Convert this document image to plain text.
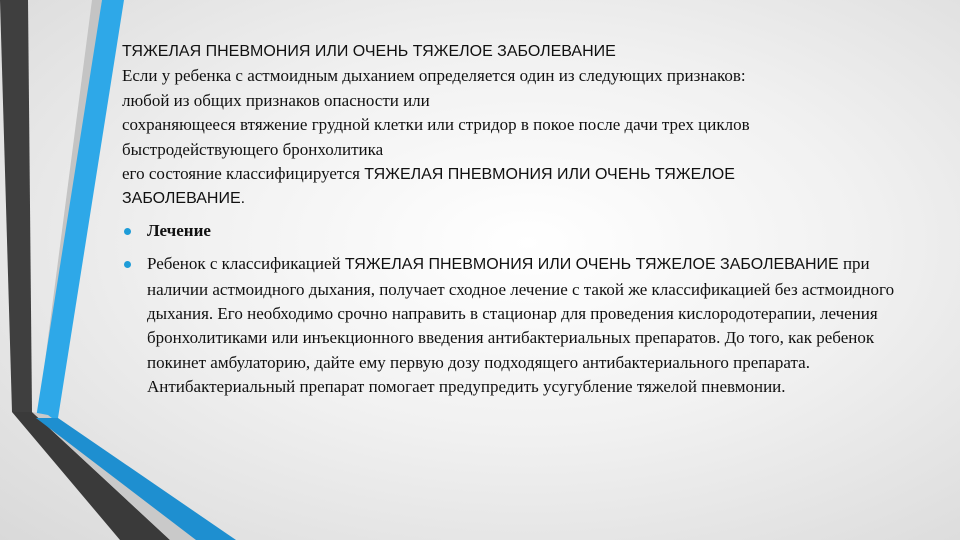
ТЯЖЕЛАЯ ПНЕВМОНИЯ ИЛИ ОЧЕНЬ ТЯЖЕЛОЕ ЗАБОЛЕВАНИЕ
Если у ребенка с астмоидным дыханием определяется один из следующих признаков:
любой из общих признаков опасности или
сохраняющееся втяжение грудной клетки или стридор в покое после дачи трех циклов
быстродействующего бронхолитика
его состояние классифицируется ТЯЖЕЛАЯ ПНЕВМОНИЯ ИЛИ ОЧЕНЬ ТЯЖЕЛОЕ
ЗАБОЛЕВАНИЕ.
Лечение
Ребенок с классификацией ТЯЖЕЛАЯ ПНЕВМОНИЯ ИЛИ ОЧЕНЬ ТЯЖЕЛОЕ ЗАБОЛЕВАНИЕ при наличии астмоидного дыхания, получает сходное лечение с такой же классификацией без астмоидного дыхания. Его необходимо срочно направить в стационар для проведения кислородотерапии, лечения бронхолитиками или инъекционного введения антибактериальных препаратов. До того, как ребенок покинет амбулаторию, дайте ему первую дозу подходящего антибактериального препарата. Антибактериальный препарат помогает предупредить усугубление тяжелой пневмонии.
